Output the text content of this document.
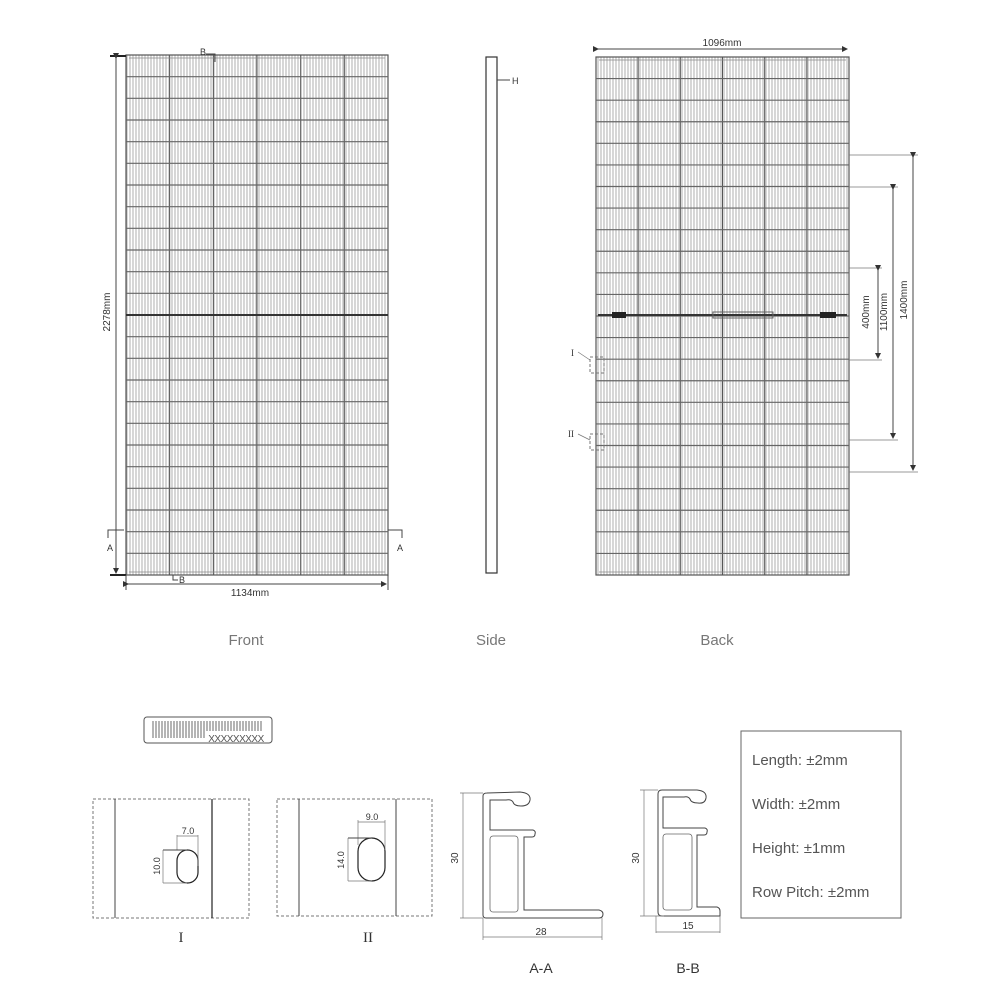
2278mm
1134mm
B
B
A	A
Front
H
Side
1096mm
400mm 1100mm 1400mm
I
II
Back
XXXXXXXXX
7.0
10.0
I
9.0
14.0
II
30
28
A-A
30
15
B-B
Length: ±2mm
Width: ±2mm
Height: ±1mm
Row Pitch: ±2mm
